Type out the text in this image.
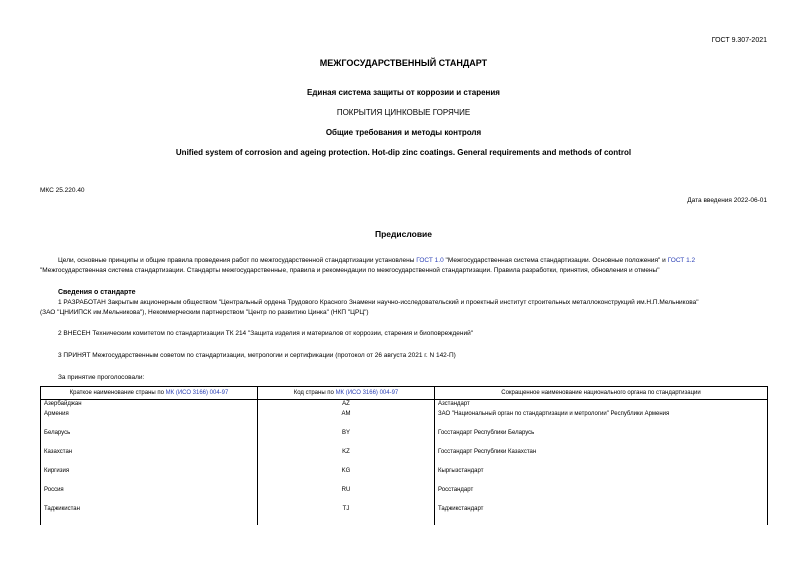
ГОСТ 9.307-2021
МЕЖГОСУДАРСТВЕННЫЙ СТАНДАРТ
Единая система защиты от коррозии и старения
ПОКРЫТИЯ ЦИНКОВЫЕ ГОРЯЧИЕ
Общие требования и методы контроля
Unified system of corrosion and ageing protection. Hot-dip zinc coatings. General requirements and methods of control
МКС 25.220.40
Дата введения 2022-06-01
Предисловие
Цели, основные принципы и общие правила проведения работ по межгосударственной стандартизации установлены ГОСТ 1.0 "Межгосударственная система стандартизации. Основные положения" и ГОСТ 1.2
"Межгосударственная система стандартизации. Стандарты межгосударственные, правила и рекомендации по межгосударственной стандартизации. Правила разработки, принятия, обновления и отмены"
Сведения о стандарте
1 РАЗРАБОТАН Закрытым акционерным обществом "Центральный ордена Трудового Красного Знамени научно-исследовательский и проектный институт строительных металлоконструкций им.Н.П.Мельникова"
(ЗАО "ЦНИИПСК им.Мельникова"), Некоммерческим партнерством "Центр по развитию Цинка" (НКП "ЦРЦ")
2 ВНЕСЕН Техническим комитетом по стандартизации ТК 214 "Защита изделия и материалов от коррозии, старения и биоповреждений"
3 ПРИНЯТ Межгосударственным советом по стандартизации, метрологии и сертификации (протокол от 26 августа 2021 г. N 142-П)
За принятие проголосовали:
Краткое наименование страны по МК (ИСО 3166) 004-97	Код страны по МК (ИСО 3166) 004-97	Сокращенное наименование национального органа по стандартизации
Азербайджан	AZ	Азстандарт
Армения	AM	ЗАО "Национальный орган по стандартизации и метрологии" Республики Армения
Беларусь	BY	Госстандарт Республики Беларусь
Казахстан	KZ	Госстандарт Республики Казахстан
Киргизия	KG	Кыргызстандарт
Россия	RU	Росстандарт
Таджикистан	TJ	Таджикстандарт
